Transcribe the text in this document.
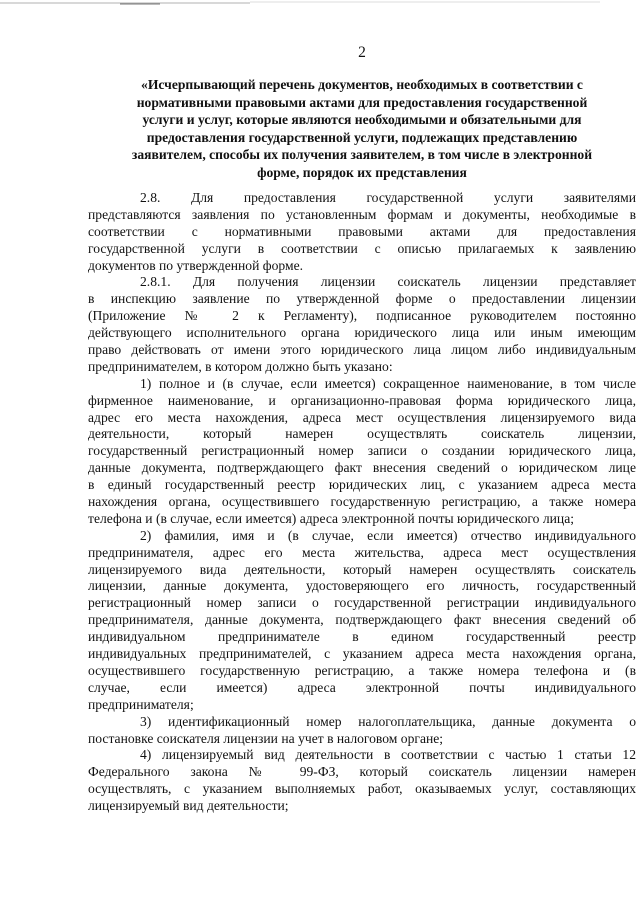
2
«Исчерпывающий перечень документов, необходимых в соответствии с
нормативными правовыми актами для предоставления государственной
услуги и услуг, которые являются необходимыми и обязательными для
предоставления государственной услуги, подлежащих представлению
заявителем, способы их получения заявителем, в том числе в электронной
форме, порядок их представления
2.8. Для предоставления государственной услуги заявителями
представляются заявления по установленным формам и документы, необходимые в
соответствии с нормативными правовыми актами для предоставления
государственной услуги в соответствии с описью прилагаемых к заявлению
документов по утвержденной форме.
2.8.1. Для получения лицензии соискатель лицензии представляет
в инспекцию заявление по утвержденной форме о предоставлении лицензии
(Приложение № 2 к Регламенту), подписанное руководителем постоянно
действующего исполнительного органа юридического лица или иным имеющим
право действовать от имени этого юридического лица лицом либо индивидуальным
предпринимателем, в котором должно быть указано:
1) полное и (в случае, если имеется) сокращенное наименование, в том числе
фирменное наименование, и организационно-правовая форма юридического лица,
адрес его места нахождения, адреса мест осуществления лицензируемого вида
деятельности, который намерен осуществлять соискатель лицензии,
государственный регистрационный номер записи о создании юридического лица,
данные документа, подтверждающего факт внесения сведений о юридическом лице
в единый государственный реестр юридических лиц, с указанием адреса места
нахождения органа, осуществившего государственную регистрацию, а также номера
телефона и (в случае, если имеется) адреса электронной почты юридического лица;
2) фамилия, имя и (в случае, если имеется) отчество индивидуального
предпринимателя, адрес его места жительства, адреса мест осуществления
лицензируемого вида деятельности, который намерен осуществлять соискатель
лицензии, данные документа, удостоверяющего его личность, государственный
регистрационный номер записи о государственной регистрации индивидуального
предпринимателя, данные документа, подтверждающего факт внесения сведений об
индивидуальном предпринимателе в едином государственный реестр
индивидуальных предпринимателей, с указанием адреса места нахождения органа,
осуществившего государственную регистрацию, а также номера телефона и (в
случае, если имеется) адреса электронной почты индивидуального
предпринимателя;
3) идентификационный номер налогоплательщика, данные документа о
постановке соискателя лицензии на учет в налоговом органе;
4) лицензируемый вид деятельности в соответствии с частью 1 статьи 12
Федерального закона № 99-ФЗ, который соискатель лицензии намерен
осуществлять, с указанием выполняемых работ, оказываемых услуг, составляющих
лицензируемый вид деятельности;
